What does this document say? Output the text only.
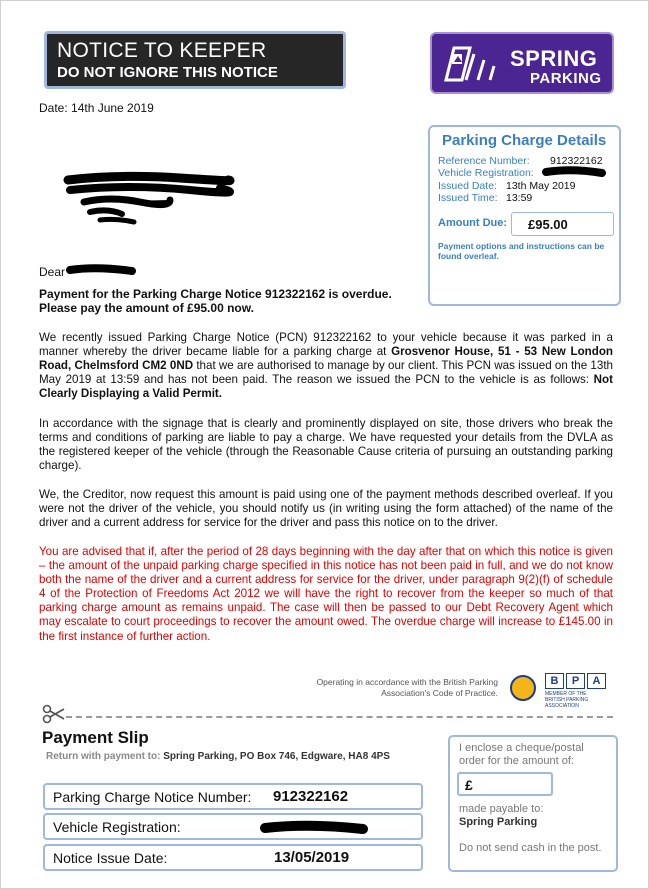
NOTICE TO KEEPER
DO NOT IGNORE THIS NOTICE
SPRING
PARKING
Date: 14th June 2019
Parking Charge Details
Reference Number: 912322162
Vehicle Registration:
Issued Date: 13th May 2019
Issued Time: 13:59
Amount Due:	£95.00
Payment options and instructions can be found overleaf.
Dear
Payment for the Parking Charge Notice 912322162 is overdue.
Please pay the amount of £95.00 now.
We recently issued Parking Charge Notice (PCN) 912322162 to your vehicle because it was parked in a manner whereby the driver became liable for a parking charge at Grosvenor House, 51 - 53 New London Road, Chelmsford CM2 0ND that we are authorised to manage by our client. This PCN was issued on the 13th May 2019 at 13:59 and has not been paid. The reason we issued the PCN to the vehicle is as follows: Not Clearly Displaying a Valid Permit.
In accordance with the signage that is clearly and prominently displayed on site, those drivers who break the terms and conditions of parking are liable to pay a charge. We have requested your details from the DVLA as the registered keeper of the vehicle (through the Reasonable Cause criteria of pursuing an outstanding parking charge).
We, the Creditor, now request this amount is paid using one of the payment methods described overleaf. If you were not the driver of the vehicle, you should notify us (in writing using the form attached) of the name of the driver and a current address for service for the driver and pass this notice on to the driver.
You are advised that if, after the period of 28 days beginning with the day after that on which this notice is given – the amount of the unpaid parking charge specified in this notice has not been paid in full, and we do not know both the name of the driver and a current address for service for the driver, under paragraph 9(2)(f) of schedule 4 of the Protection of Freedoms Act 2012 we will have the right to recover from the keeper so much of that parking charge amount as remains unpaid. The case will then be passed to our Debt Recovery Agent which may escalate to court proceedings to recover the amount owed. The overdue charge will increase to £145.00 in the first instance of further action.
Operating in accordance with the British Parking
Association's Code of Practice.
B	P	A
MEMBER OF THE
BRITISH PARKING ASSOCIATION
Payment Slip
Return with payment to: Spring Parking, PO Box 746, Edgware, HA8 4PS
Parking Charge Notice Number: 912322162
Vehicle Registration:
Notice Issue Date:	13/05/2019
I enclose a cheque/postal order for the amount of:
£
made payable to:
Spring Parking
Do not send cash in the post.
